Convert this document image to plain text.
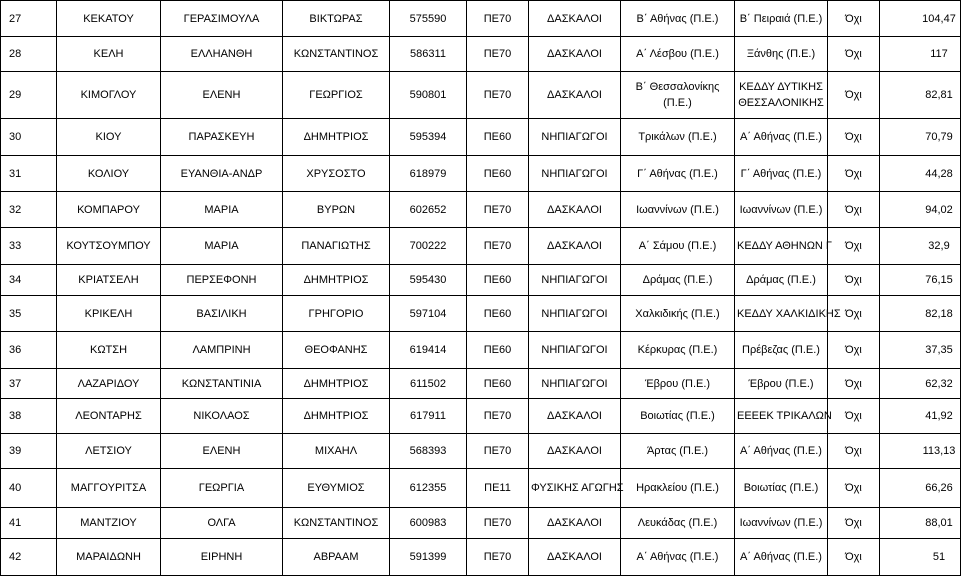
27	ΚΕΚΑΤΟΥ	ΓΕΡΑΣΙΜΟΥΛΑ	ΒΙΚΤΩΡΑΣ	575590	ΠΕ70	ΔΑΣΚΑΛΟΙ	Β΄ Αθήνας (Π.Ε.)	Β΄ Πειραιά (Π.Ε.)	Όχι	104,47
28	ΚΕΛΗ	ΕΛΛΗΑΝΘΗ	ΚΩΝΣΤΑΝΤΙΝΟΣ	586311	ΠΕ70	ΔΑΣΚΑΛΟΙ	Α΄ Λέσβου (Π.Ε.)	Ξάνθης (Π.Ε.)	Όχι	117
29	ΚΙΜΟΓΛΟΥ	ΕΛΕΝΗ	ΓΕΩΡΓΙΟΣ	590801	ΠΕ70	ΔΑΣΚΑΛΟΙ	Β΄ Θεσσαλονίκης (Π.Ε.)	ΚΕΔΔΥ ΔΥΤΙΚΗΣ ΘΕΣΣΑΛΟΝΙΚΗΣ	Όχι	82,81
30	ΚΙΟΥ	ΠΑΡΑΣΚΕΥΗ	ΔΗΜΗΤΡΙΟΣ	595394	ΠΕ60	ΝΗΠΙΑΓΩΓΟΙ	Τρικάλων (Π.Ε.)	Α΄ Αθήνας (Π.Ε.)	Όχι	70,79
31	ΚΟΛΙΟΥ	ΕΥΑΝΘΙΑ-ΑΝΔΡ	ΧΡΥΣΟΣΤΟ	618979	ΠΕ60	ΝΗΠΙΑΓΩΓΟΙ	Γ΄ Αθήνας (Π.Ε.)	Γ΄ Αθήνας (Π.Ε.)	Όχι	44,28
32	ΚΟΜΠΑΡΟΥ	ΜΑΡΙΑ	ΒΥΡΩΝ	602652	ΠΕ70	ΔΑΣΚΑΛΟΙ	Ιωαννίνων (Π.Ε.)	Ιωαννίνων (Π.Ε.)	Όχι	94,02
33	ΚΟΥΤΣΟΥΜΠΟΥ	ΜΑΡΙΑ	ΠΑΝΑΓΙΩΤΗΣ	700222	ΠΕ70	ΔΑΣΚΑΛΟΙ	Α΄ Σάμου (Π.Ε.)	ΚΕΔΔΥ ΑΘΗΝΩΝ Γ	Όχι	32,9
34	ΚΡΙΑΤΣΕΛΗ	ΠΕΡΣΕΦΟΝΗ	ΔΗΜΗΤΡΙΟΣ	595430	ΠΕ60	ΝΗΠΙΑΓΩΓΟΙ	Δράμας (Π.Ε.)	Δράμας (Π.Ε.)	Όχι	76,15
35	ΚΡΙΚΕΛΗ	ΒΑΣΙΛΙΚΗ	ΓΡΗΓΟΡΙΟ	597104	ΠΕ60	ΝΗΠΙΑΓΩΓΟΙ	Χαλκιδικής (Π.Ε.)	ΚΕΔΔΥ ΧΑΛΚΙΔΙΚΗΣ	Όχι	82,18
36	ΚΩΤΣΗ	ΛΑΜΠΡΙΝΗ	ΘΕΟΦΑΝΗΣ	619414	ΠΕ60	ΝΗΠΙΑΓΩΓΟΙ	Κέρκυρας (Π.Ε.)	Πρέβεζας (Π.Ε.)	Όχι	37,35
37	ΛΑΖΑΡΙΔΟΥ	ΚΩΝΣΤΑΝΤΙΝΙΑ	ΔΗΜΗΤΡΙΟΣ	611502	ΠΕ60	ΝΗΠΙΑΓΩΓΟΙ	Έβρου (Π.Ε.)	Έβρου (Π.Ε.)	Όχι	62,32
38	ΛΕΟΝΤΑΡΗΣ	ΝΙΚΟΛΑΟΣ	ΔΗΜΗΤΡΙΟΣ	617911	ΠΕ70	ΔΑΣΚΑΛΟΙ	Βοιωτίας (Π.Ε.)	ΕΕΕΕΚ ΤΡΙΚΑΛΩΝ	Όχι	41,92
39	ΛΕΤΣΙΟΥ	ΕΛΕΝΗ	ΜΙΧΑΗΛ	568393	ΠΕ70	ΔΑΣΚΑΛΟΙ	Άρτας (Π.Ε.)	Α΄ Αθήνας (Π.Ε.)	Όχι	113,13
40	ΜΑΓΓΟΥΡΙΤΣΑ	ΓΕΩΡΓΙΑ	ΕΥΘΥΜΙΟΣ	612355	ΠΕ11	ΦΥΣΙΚΗΣ ΑΓΩΓΗΣ	Ηρακλείου (Π.Ε.)	Βοιωτίας (Π.Ε.)	Όχι	66,26
41	ΜΑΝΤΖΙΟΥ	ΟΛΓΑ	ΚΩΝΣΤΑΝΤΙΝΟΣ	600983	ΠΕ70	ΔΑΣΚΑΛΟΙ	Λευκάδας (Π.Ε.)	Ιωαννίνων (Π.Ε.)	Όχι	88,01
42	ΜΑΡΑΙΔΩΝΗ	ΕΙΡΗΝΗ	ΑΒΡΑΑΜ	591399	ΠΕ70	ΔΑΣΚΑΛΟΙ	Α΄ Αθήνας (Π.Ε.)	Α΄ Αθήνας (Π.Ε.)	Όχι	51
